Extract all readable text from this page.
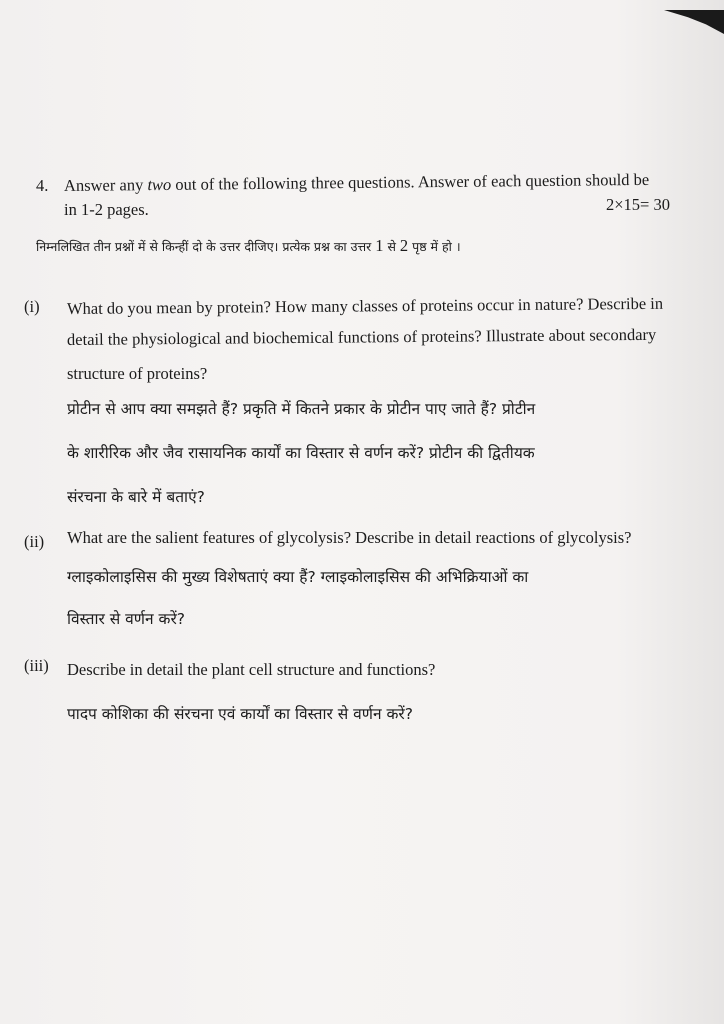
4. Answer any two out of the following three questions. Answer of each question should be
in 1-2 pages.	2×15= 30
निम्नलिखित तीन प्रश्नों में से किन्हीं दो के उत्तर दीजिए। प्रत्येक प्रश्न का उत्तर 1 से 2 पृष्ठ में हो ।
(i) What do you mean by protein? How many classes of proteins occur in nature? Describe in
detail the physiological and biochemical functions of proteins? Illustrate about secondary
structure of proteins?
प्रोटीन से आप क्या समझते हैं? प्रकृति में कितने प्रकार के प्रोटीन पाए जाते हैं? प्रोटीन
के शारीरिक और जैव रासायनिक कार्यों का विस्तार से वर्णन करें? प्रोटीन की द्वितीयक
संरचना के बारे में बताएं?
(ii) What are the salient features of glycolysis? Describe in detail reactions of glycolysis?
ग्लाइकोलाइसिस की मुख्य विशेषताएं क्या हैं? ग्लाइकोलाइसिस की अभिक्रियाओं का
विस्तार से वर्णन करें?
(iii) Describe in detail the plant cell structure and functions?
पादप कोशिका की संरचना एवं कार्यों का विस्तार से वर्णन करें?
